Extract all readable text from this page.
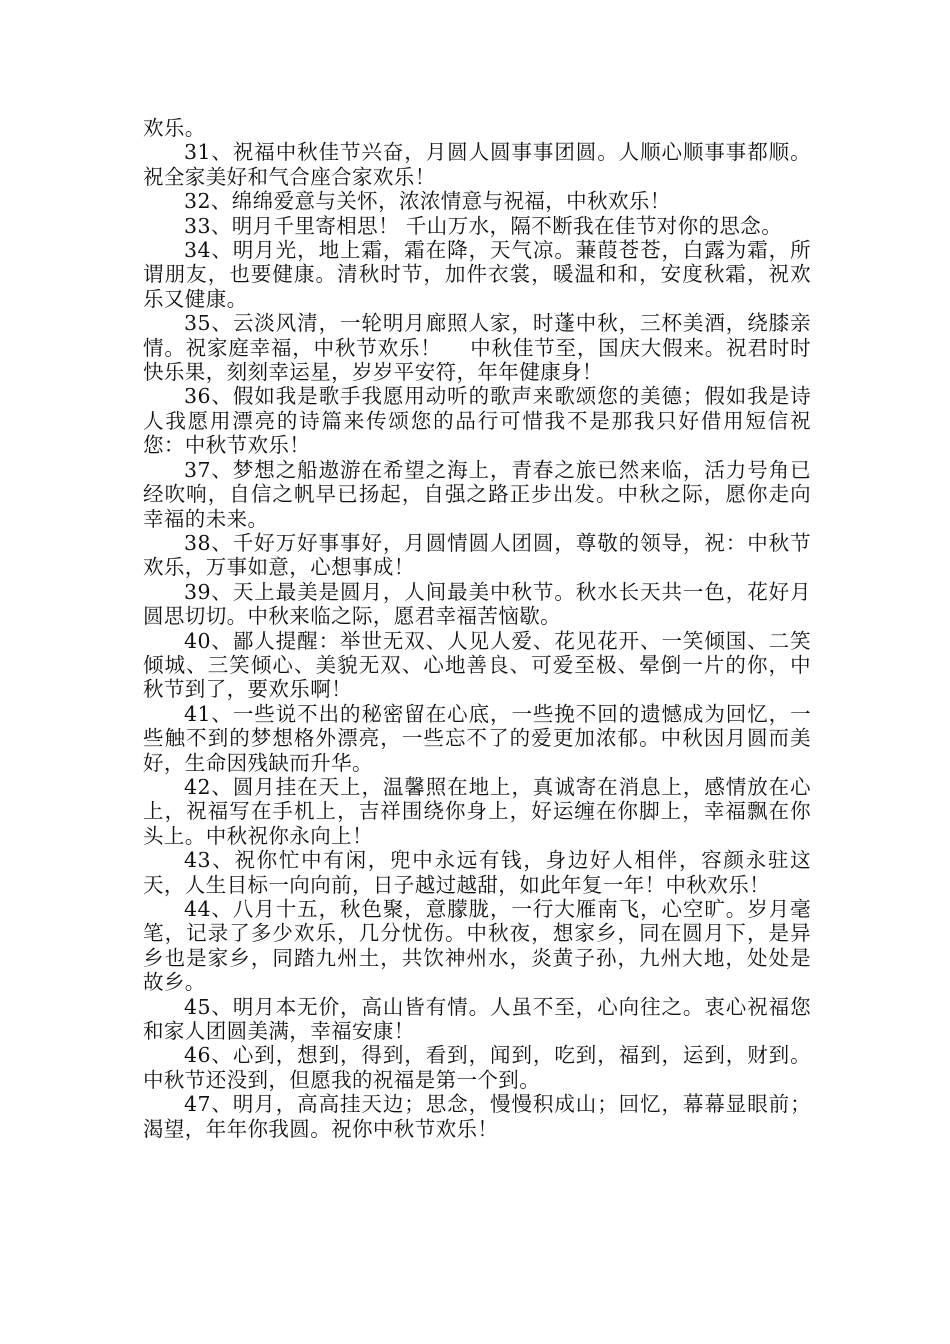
欢乐。

31、祝福中秋佳节兴奋，月圆人圆事事团圆。人顺心顺事事都顺。祝全家美好和气合座合家欢乐！

32、绵绵爱意与关怀，浓浓情意与祝福，中秋欢乐！

33、明月千里寄相思！ 千山万水，隔不断我在佳节对你的思念。

34、明月光，地上霜，霜在降，天气凉。蒹葭苍苍，白露为霜，所谓朋友，也要健康。清秋时节，加件衣裳，暖温和和，安度秋霜，祝欢乐又健康。

35、云淡风清，一轮明月廊照人家，时蓬中秋，三杯美酒，绕膝亲情。祝家庭幸福，中秋节欢乐！　 中秋佳节至，国庆大假来。祝君时时快乐果，刻刻幸运星，岁岁平安符，年年健康身！

36、假如我是歌手我愿用动听的歌声来歌颂您的美德；假如我是诗人我愿用漂亮的诗篇来传颂您的品行可惜我不是那我只好借用短信祝您：中秋节欢乐！

37、梦想之船遨游在希望之海上，青春之旅已然来临，活力号角已经吹响，自信之帆早已扬起，自强之路正步出发。中秋之际，愿你走向幸福的未来。

38、千好万好事事好，月圆情圆人团圆，尊敬的领导，祝：中秋节欢乐，万事如意，心想事成！

39、天上最美是圆月，人间最美中秋节。秋水长天共一色，花好月圆思切切。中秋来临之际，愿君幸福苦恼歇。

40、鄙人提醒：举世无双、人见人爱、花见花开、一笑倾国、二笑倾城、三笑倾心、美貌无双、心地善良、可爱至极、晕倒一片的你，中秋节到了，要欢乐啊！

41、一些说不出的秘密留在心底，一些挽不回的遗憾成为回忆，一些触不到的梦想格外漂亮，一些忘不了的爱更加浓郁。中秋因月圆而美好，生命因残缺而升华。

42、圆月挂在天上，温馨照在地上，真诚寄在消息上，感情放在心上，祝福写在手机上，吉祥围绕你身上，好运缠在你脚上，幸福飘在你头上。中秋祝你永向上！

43、祝你忙中有闲，兜中永远有钱，身边好人相伴，容颜永驻这天，人生目标一向向前，日子越过越甜，如此年复一年！中秋欢乐！

44、八月十五，秋色聚，意朦胧，一行大雁南飞，心空旷。岁月毫笔，记录了多少欢乐，几分忧伤。中秋夜，想家乡，同在圆月下，是异乡也是家乡，同踏九州土，共饮神州水，炎黄子孙，九州大地，处处是故乡。

45、明月本无价，高山皆有情。人虽不至，心向往之。衷心祝福您和家人团圆美满，幸福安康！

46、心到，想到，得到，看到，闻到，吃到，福到，运到，财到。中秋节还没到，但愿我的祝福是第一个到。

47、明月，高高挂天边；思念，慢慢积成山；回忆，幕幕显眼前；渴望，年年你我圆。祝你中秋节欢乐！
